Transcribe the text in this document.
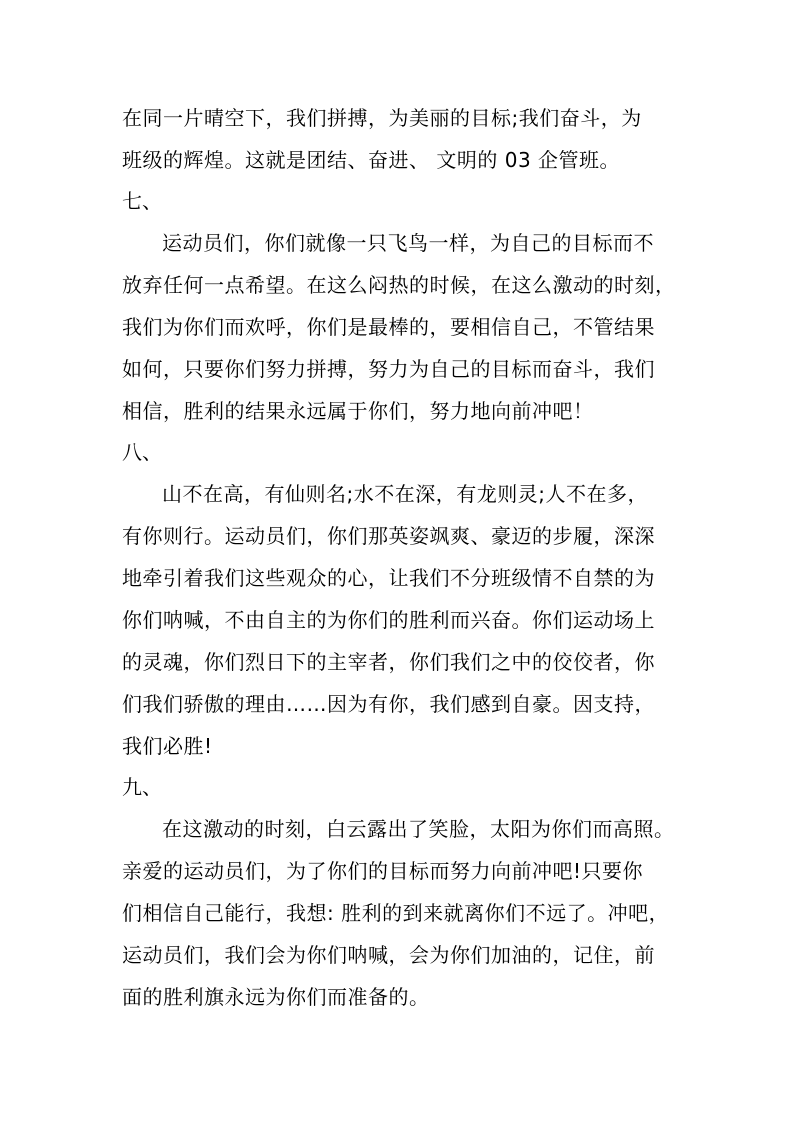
在同一片晴空下，我们拼搏，为美丽的目标;我们奋斗，为
班级的辉煌。这就是团结、奋进、 文明的 03 企管班。
七、
运动员们，你们就像一只飞鸟一样，为自己的目标而不
放弃任何一点希望。在这么闷热的时候，在这么激动的时刻，
我们为你们而欢呼，你们是最棒的，要相信自己，不管结果
如何，只要你们努力拼搏，努力为自己的目标而奋斗，我们
相信，胜利的结果永远属于你们，努力地向前冲吧！
八、
山不在高，有仙则名;水不在深，有龙则灵;人不在多，
有你则行。运动员们，你们那英姿飒爽、豪迈的步履，深深
地牵引着我们这些观众的心，让我们不分班级情不自禁的为
你们呐喊，不由自主的为你们的胜利而兴奋。你们运动场上
的灵魂，你们烈日下的主宰者，你们我们之中的佼佼者，你
们我们骄傲的理由……因为有你，我们感到自豪。因支持，
我们必胜!
九、
在这激动的时刻，白云露出了笑脸，太阳为你们而高照。
亲爱的运动员们，为了你们的目标而努力向前冲吧!只要你
们相信自己能行，我想: 胜利的到来就离你们不远了。冲吧，
运动员们，我们会为你们呐喊，会为你们加油的，记住，前
面的胜利旗永远为你们而准备的。
